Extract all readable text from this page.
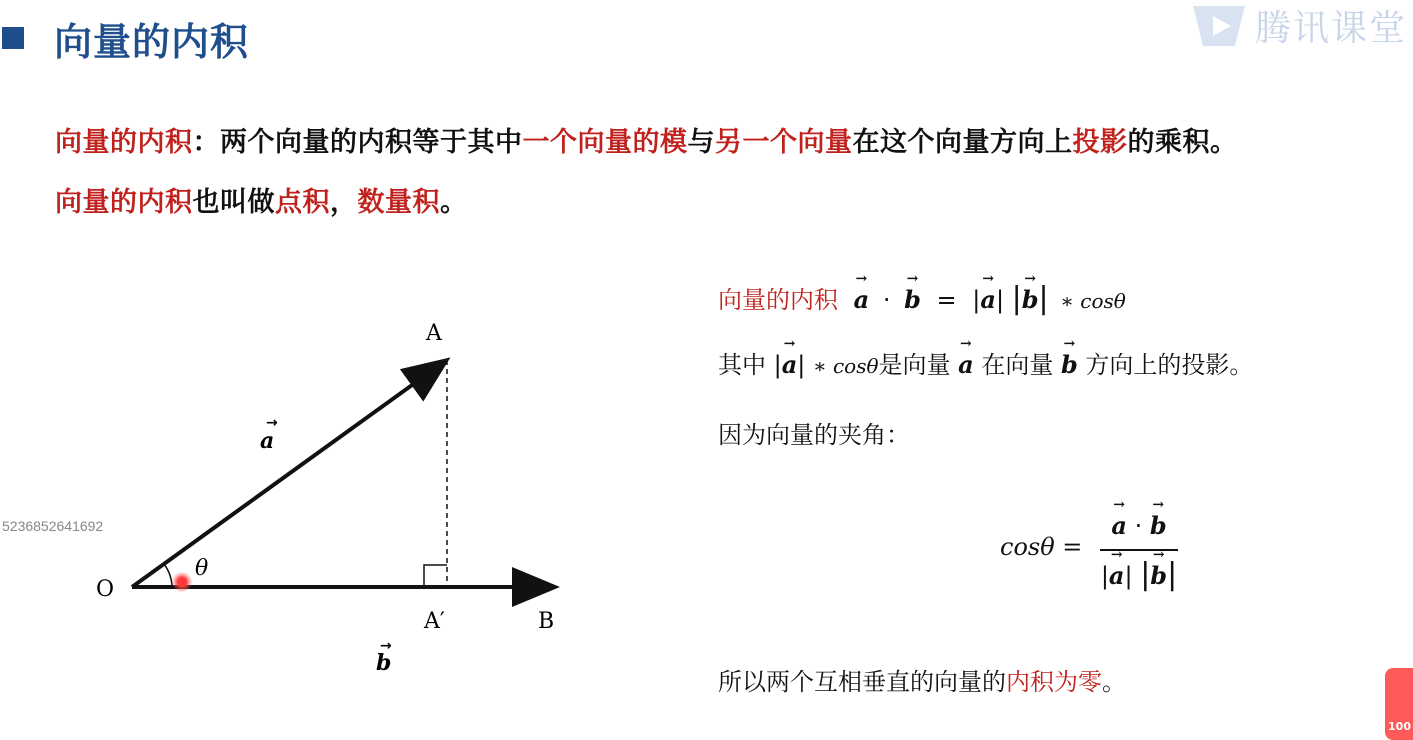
向量的内积	腾讯课堂
向量的内积：两个向量的内积等于其中一个向量的模与另一个向量在这个向量方向上投影的乘积。
向量的内积也叫做点积，数量积。
5236852641692
O
A
A′	B
θ
→
a
→
b
向量的内积 → a · → b = |→ a| |→ b| ∗ cosθ
其中 |→ a| ∗ cosθ是向量 → a 在向量 → b 方向上的投影。
因为向量的夹角：
cosθ =
→ a · → b
|→ a| |→ b|
所以两个互相垂直的向量的内积为零。
100
